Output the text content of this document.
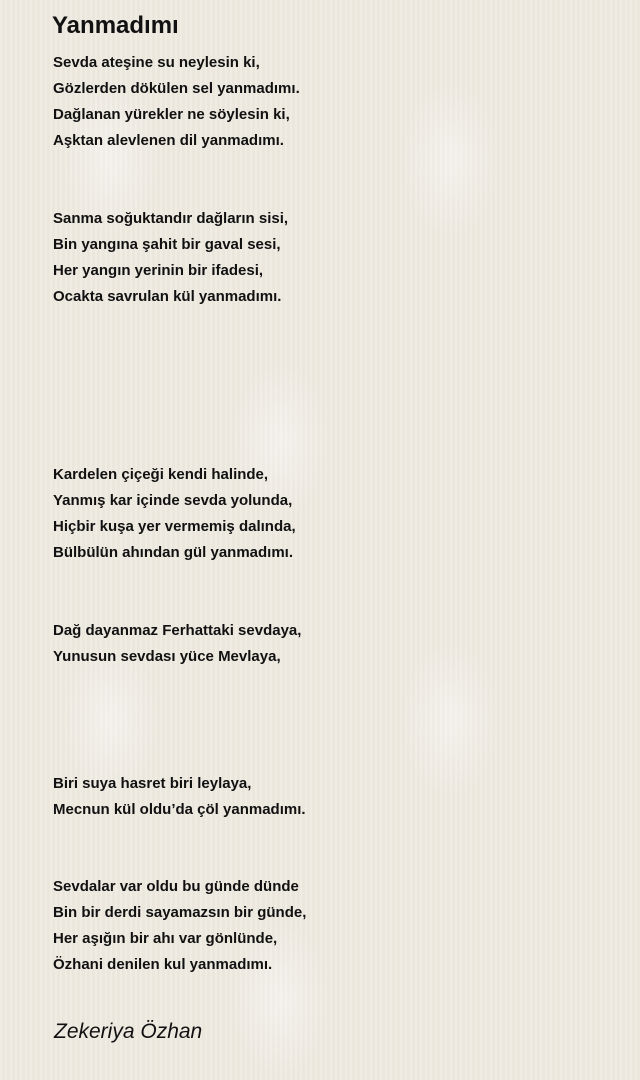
Yanmadımı
Sevda ateşine su neylesin ki,
Gözlerden dökülen sel yanmadımı.
Dağlanan yürekler ne söylesin ki,
Aşktan alevlenen dil yanmadımı.
Sanma soğuktandır dağların sisi,
Bin yangına şahit bir gaval sesi,
Her yangın yerinin bir ifadesi,
Ocakta savrulan kül yanmadımı.
Kardelen çiçeği kendi halinde,
Yanmış kar içinde sevda yolunda,
Hiçbir kuşa yer vermemiş dalında,
Bülbülün ahından gül yanmadımı.
Dağ dayanmaz Ferhattaki sevdaya,
Yunusun sevdası yüce Mevlaya,
Biri suya hasret biri leylaya,
Mecnun kül oldu’da çöl yanmadımı.
Sevdalar var oldu bu günde dünde
Bin bir derdi sayamazsın bir günde,
Her aşığın bir ahı var gönlünde,
Özhani denilen kul yanmadımı.

Zekeriya Özhan
